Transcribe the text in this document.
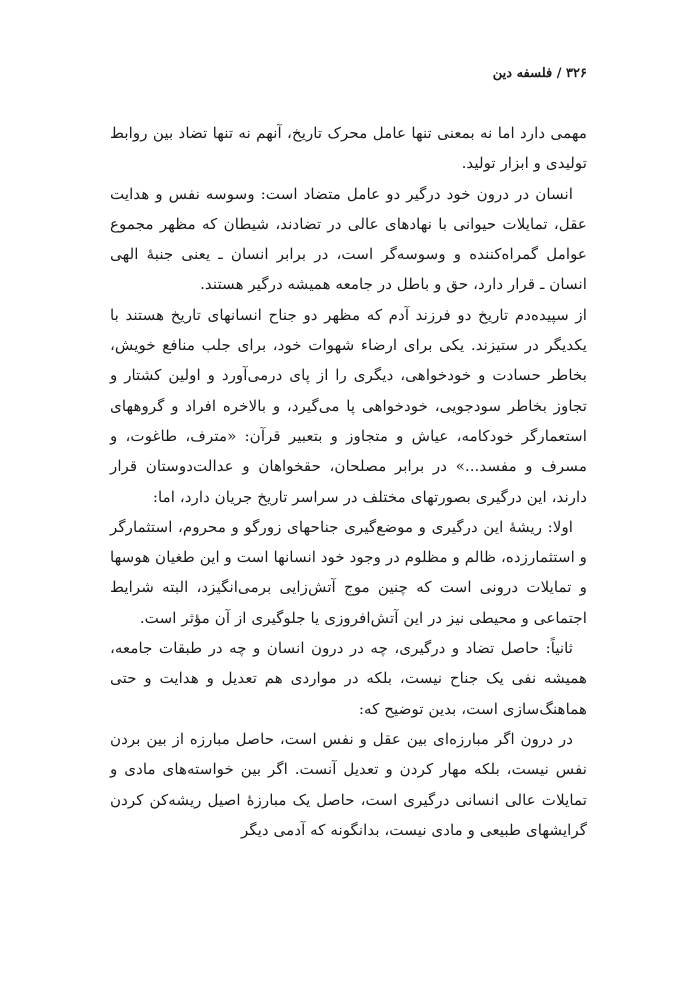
۳۲۶ / فلسفه دین

مهمی دارد اما نه بمعنی تنها عامل محرک تاریخ، آنهم نه تنها تضاد بین روابط تولیدی و ابزار تولید.

انسان در درون خود درگیر دو عامل متضاد است: وسوسه نفس و هدایت عقل، تمایلات حیوانی با نهادهای عالی در تضادند، شیطان که مظهر مجموع عوامل گمراه‌کننده و وسوسه‌گر است، در برابر انسان ـ یعنی جنبهٔ الهی انسان ـ قرار دارد، حق و باطل در جامعه همیشه درگیر هستند.

از سپیده‌دم تاریخ دو فرزند آدم که مظهر دو جناح انسانهای تاریخ هستند با یکدیگر در ستیزند. یکی برای ارضاء شهوات خود، برای جلب منافع خویش، بخاطر حسادت و خودخواهی، دیگری را از پای درمی‌آورد و اولین کشتار و تجاوز بخاطر سودجویی، خودخواهی پا می‌گیرد، و بالاخره افراد و گروههای استعمارگر خودکامه، عیاش و متجاوز و بتعبیر قرآن: «مترف، طاغوت، و مسرف و مفسد...» در برابر مصلحان، حقخواهان و عدالت‌دوستان قرار دارند، این درگیری بصورتهای مختلف در سراسر تاریخ جریان دارد، اما:

اولا: ریشهٔ این درگیری و موضع‌گیری جناحهای زورگو و محروم، استثمارگر و استثمارزده، ظالم و مظلوم در وجود خود انسانها است و این طغیان هوسها و تمایلات درونی است که چنین موج آتش‌زایی برمی‌انگیزد، البته شرایط اجتماعی و محیطی نیز در این آتش‌افروزی یا جلوگیری از آن مؤثر است.

ثانیاً: حاصل تضاد و درگیری، چه در درون انسان و چه در طبقات جامعه، همیشه نفی یک جناح نیست، بلکه در مواردی هم تعدیل و هدایت و حتی هماهنگ‌سازی است، بدین توضیح که:

در درون اگر مبارزه‌ای بین عقل و نفس است، حاصل مبارزه از بین بردن نفس نیست، بلکه مهار کردن و تعدیل آنست. اگر بین خواسته‌های مادی و تمایلات عالی انسانی درگیری است، حاصل یک مبارزهٔ اصیل ریشه‌کن کردن گرایشهای طبیعی و مادی نیست، بدانگونه که آدمی دیگر
